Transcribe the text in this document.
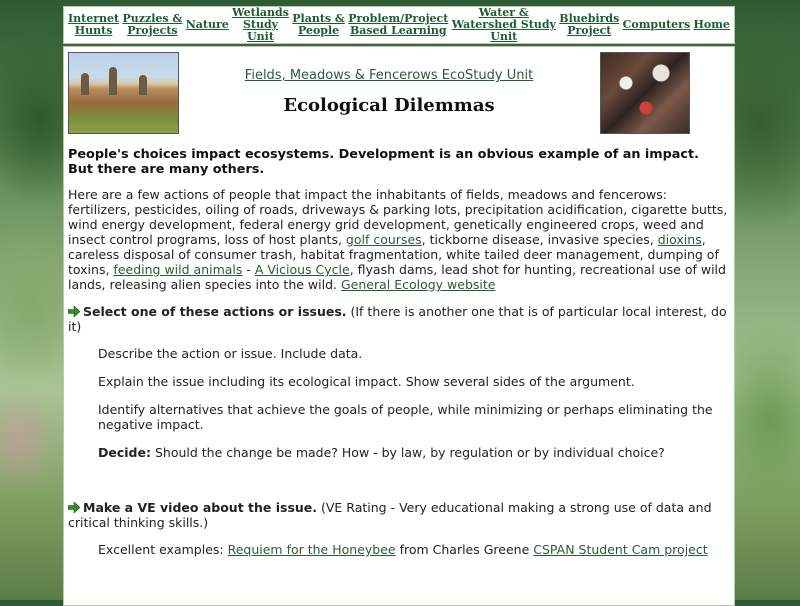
Internet
Hunts
Puzzles &
Projects Nature
Wetlands
Study
Unit
Plants &
People
Problem/Project
Based Learning
Water &
Watershed Study
Unit
Bluebirds
Project	Computers Home
Fields, Meadows & Fencerows EcoStudy Unit
Ecological Dilemmas

People's choices impact ecosystems. Development is an obvious example of an impact. But there are many others.

Here are a few actions of people that impact the inhabitants of fields, meadows and fencerows: fertilizers, pesticides, oiling of roads, driveways & parking lots, precipitation acidification, cigarette butts, wind energy development, federal energy grid development, genetically engineered crops, weed and insect control programs, loss of host plants, golf courses, tickborne disease, invasive species, dioxins, careless disposal of consumer trash, habitat fragmentation, white tailed deer management, dumping of toxins, feeding wild animals - A Vicious Cycle, flyash dams, lead shot for hunting, recreational use of wild lands, releasing alien species into the wild. General Ecology website

Select one of these actions or issues. (If there is another one that is of particular local interest, do it)

Describe the action or issue. Include data.

Explain the issue including its ecological impact. Show several sides of the argument.

Identify alternatives that achieve the goals of people, while minimizing or perhaps eliminating the negative impact.

Decide: Should the change be made? How - by law, by regulation or by individual choice?

Make a VE video about the issue. (VE Rating - Very educational making a strong use of data and critical thinking skills.)

Excellent examples: Requiem for the Honeybee from Charles Greene CSPAN Student Cam project
